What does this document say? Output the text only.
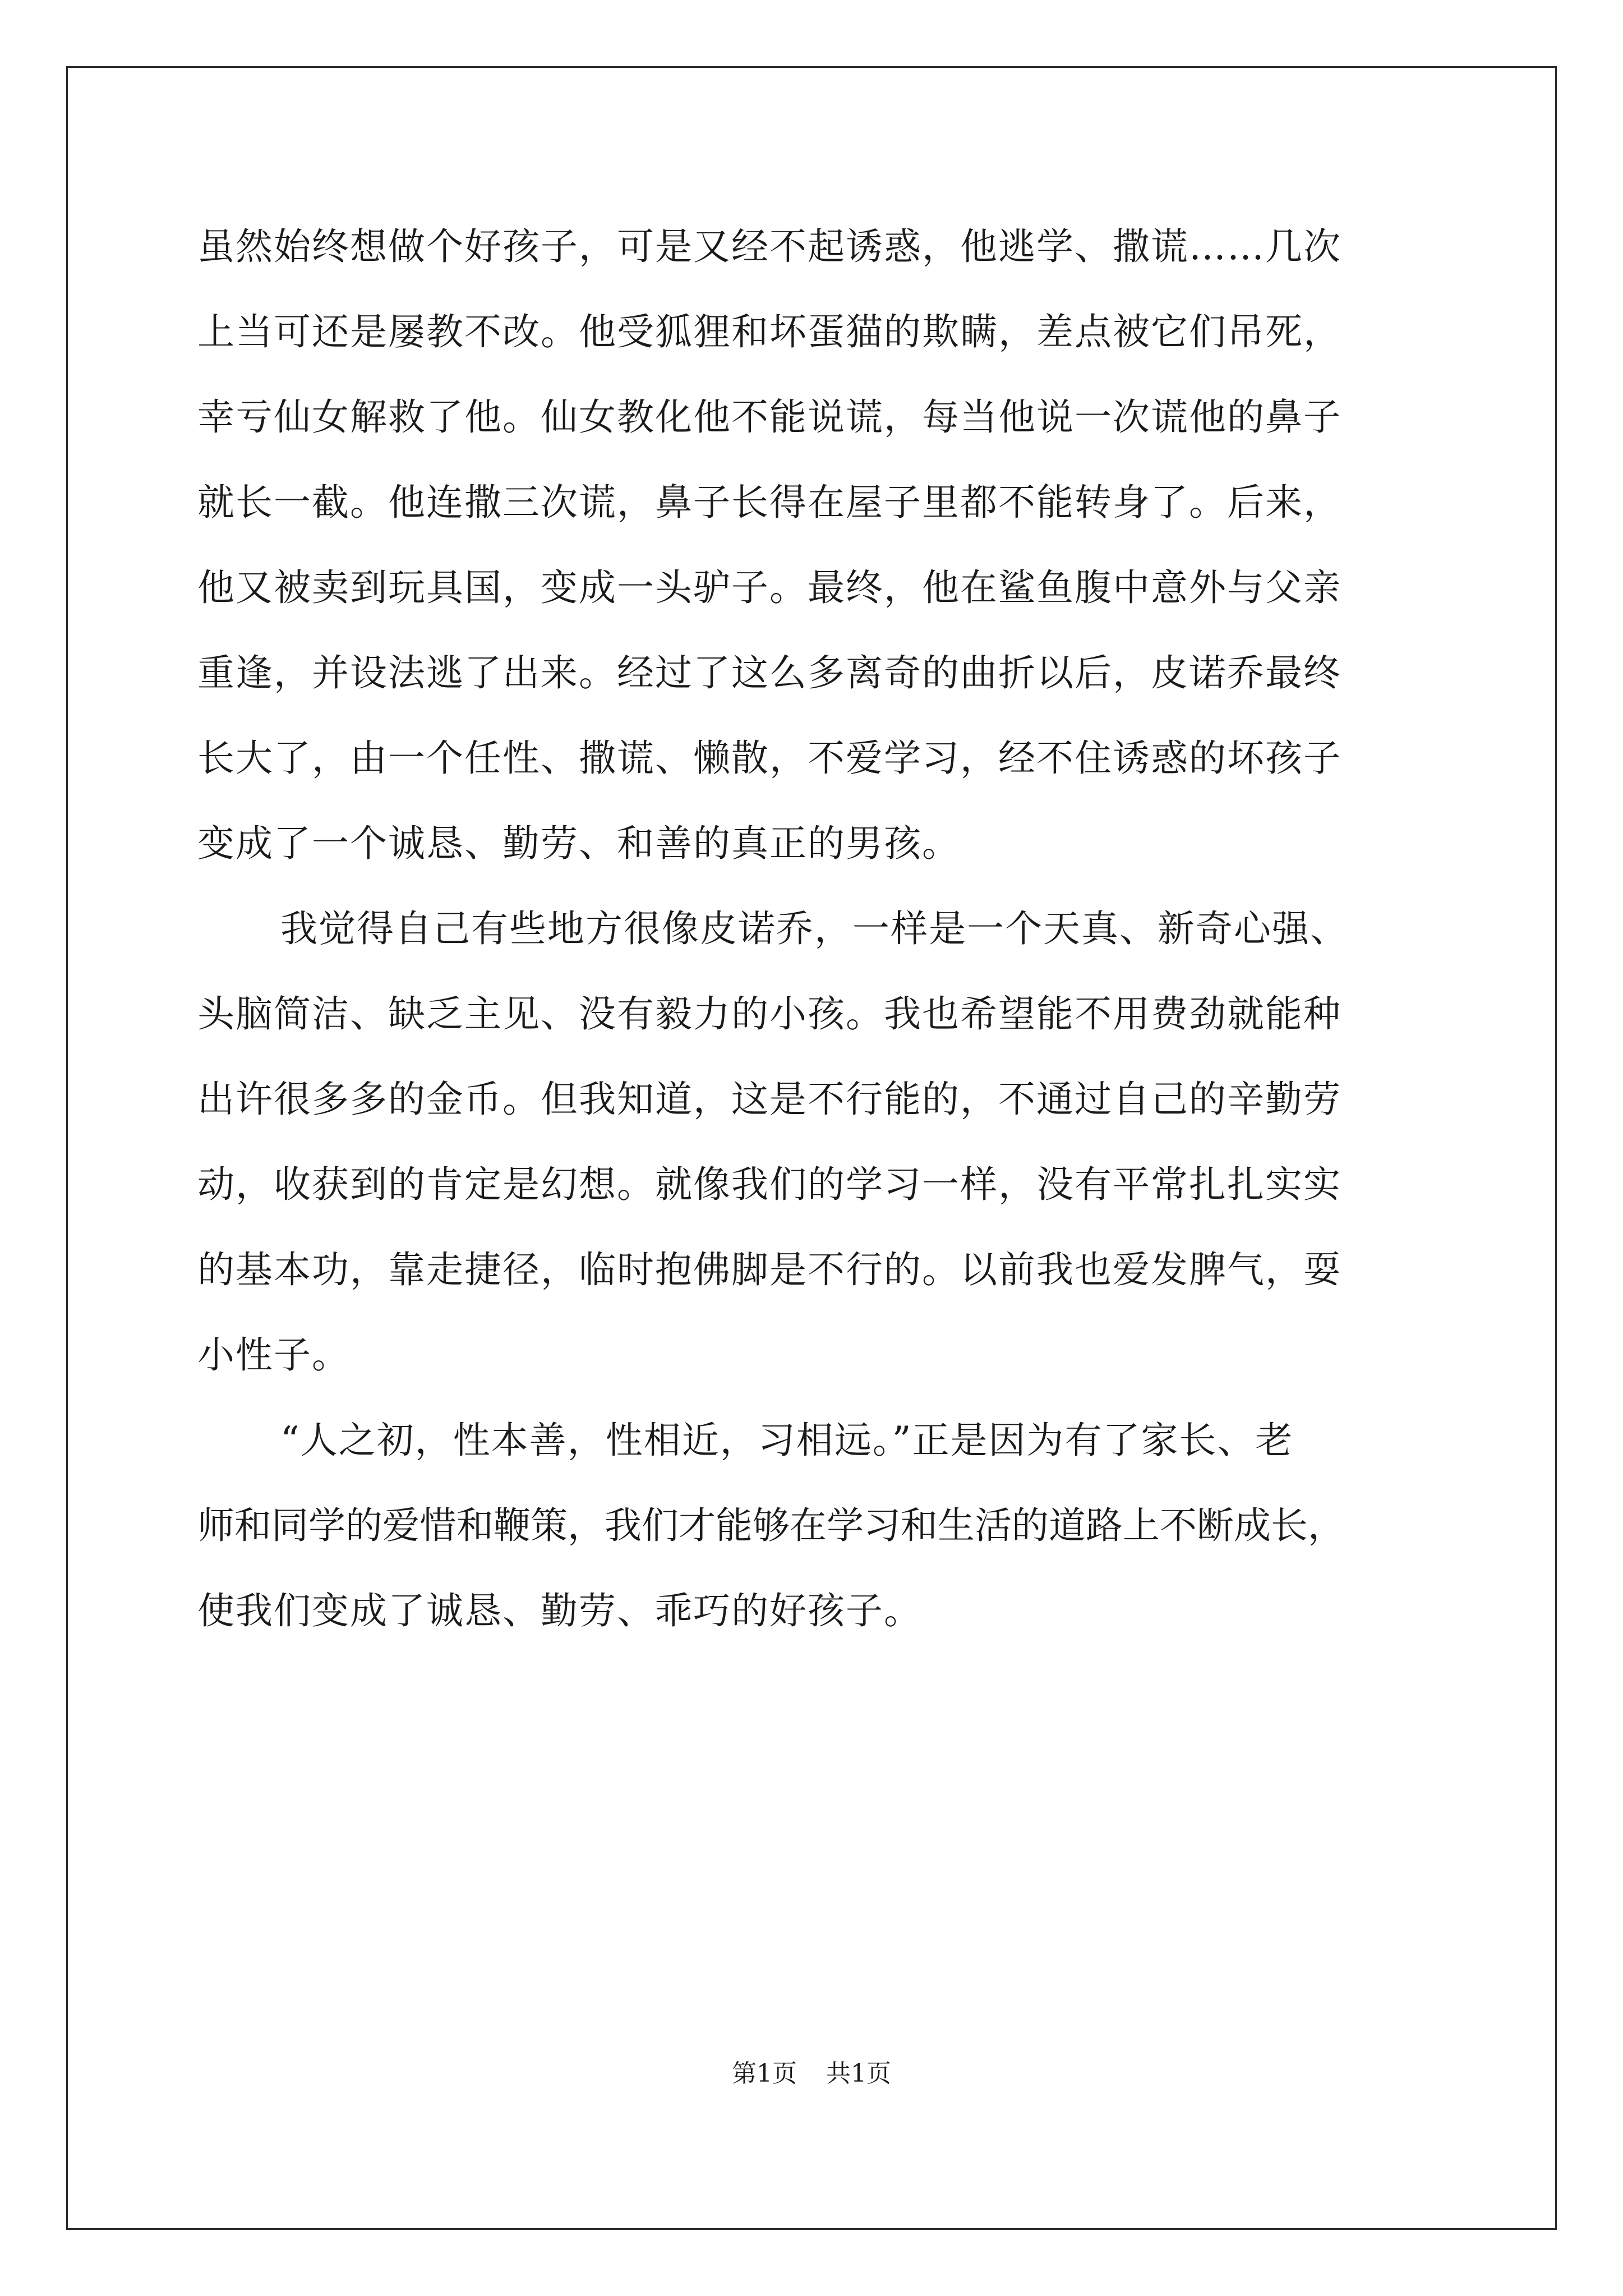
虽然始终想做个好孩子，可是又经不起诱惑，他逃学、撒谎……几次
上当可还是屡教不改。他受狐狸和坏蛋猫的欺瞒，差点被它们吊死，
幸亏仙女解救了他。仙女教化他不能说谎，每当他说一次谎他的鼻子
就长一截。他连撒三次谎，鼻子长得在屋子里都不能转身了。后来，
他又被卖到玩具国，变成一头驴子。最终，他在鲨鱼腹中意外与父亲
重逢，并设法逃了出来。经过了这么多离奇的曲折以后，皮诺乔最终
长大了，由一个任性、撒谎、懒散，不爱学习，经不住诱惑的坏孩子
变成了一个诚恳、勤劳、和善的真正的男孩。
我觉得自己有些地方很像皮诺乔，一样是一个天真、新奇心强、
头脑简洁、缺乏主见、没有毅力的小孩。我也希望能不用费劲就能种
出许很多多的金币。但我知道，这是不行能的，不通过自己的辛勤劳
动，收获到的肯定是幻想。就像我们的学习一样，没有平常扎扎实实
的基本功，靠走捷径，临时抱佛脚是不行的。以前我也爱发脾气，耍
小性子。
“人之初，性本善，性相近，习相远。”正是因为有了家长、老
师和同学的爱惜和鞭策，我们才能够在学习和生活的道路上不断成长，
使我们变成了诚恳、勤劳、乖巧的好孩子。
第1页 共1页
